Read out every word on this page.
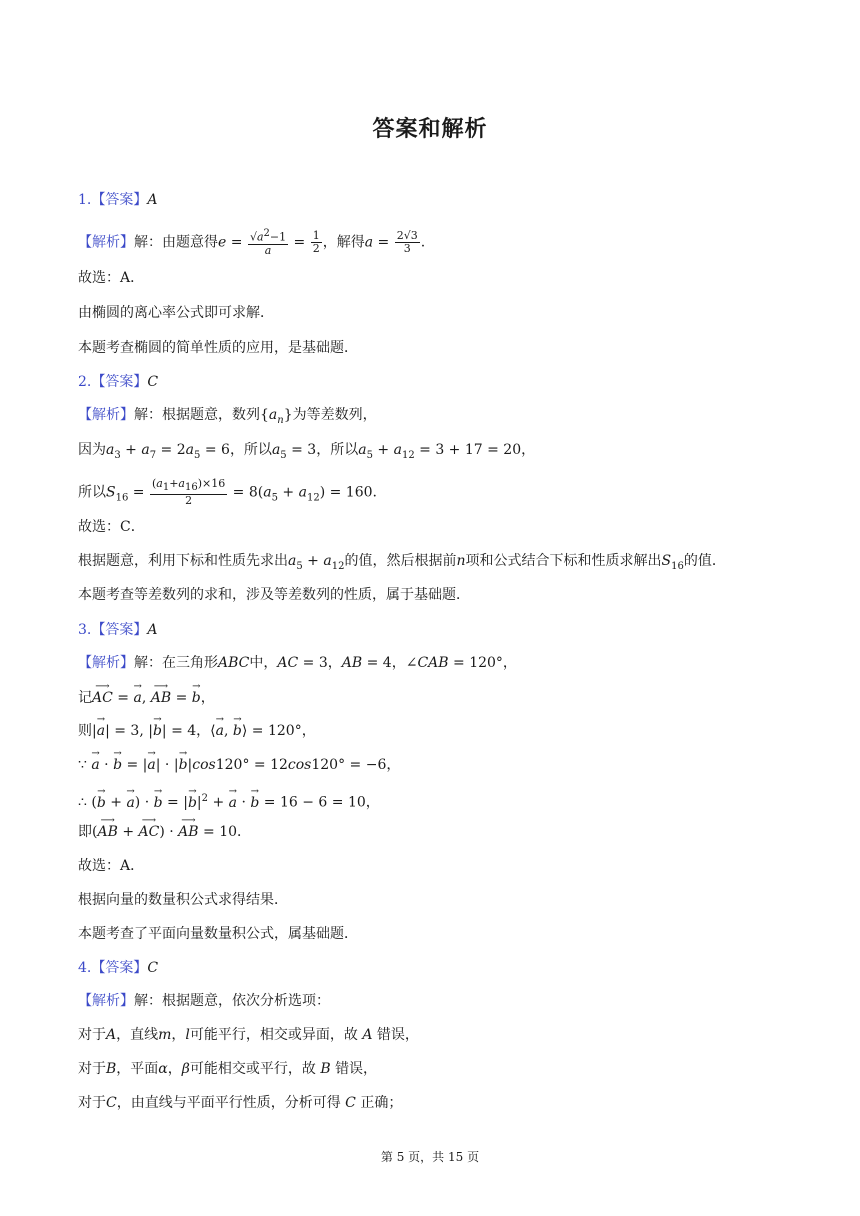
答案和解析
1.【答案】A
【解析】解：由题意得$e = \frac{√a^2-1}{a} = \frac{1}{2}$ ，解得$a = \frac{2√3}{3}$ .
故选：A．
由椭圆的离心率公式即可求解．
本题考查椭圆的简单性质的应用，是基础题．
2.【答案】C
【解析】解：根据题意，数列$\{a_n\}$为等差数列，
因为$a_3 + a_7 = 2a_5 = 6$，所以$a_5 = 3$，所以$a_5 + a_{12} = 3 + 17 = 20$，
所以$S_{16} = \frac{(a_1+a_{16})\times 16}{2} = 8(a_5 + a_{12}) = 160$.
故选：C．
根据题意，利用下标和性质先求出$a_5 + a_{12}$的值，然后根据前n项和公式结合下标和性质求解出$S_{16}$的值．
本题考查等差数列的求和，涉及等差数列的性质，属于基础题．
3.【答案】A
【解析】解：在三角形ABC中，AC = 3，AB = 4，∠CAB = 120°，
记⟶ AC = → a, ⟶ AB = → b，
则|→ a| = 3, |→ b| = 4，⟨→ a, → b⟩ = 120°，
∵ → a · → b = |→ a| · |→ b|cos120° = 12cos120° = −6，
∴ (→ b + → a) · → b = |→ $b|^2$ + → a · → b = 16 − 6 = 10，
即(⟶ AB + ⟶ AC) · ⟶ AB = 10．
故选：A．
根据向量的数量积公式求得结果．
本题考查了平面向量数量积公式，属基础题．
4.【答案】C
【解析】解：根据题意，依次分析选项：
对于A，直线m，l可能平行，相交或异面，故 A 错误，
对于B，平面α，β可能相交或平行，故 B 错误，
对于C，由直线与平面平行性质，分析可得 C 正确；
第 5 页，共 15 页
